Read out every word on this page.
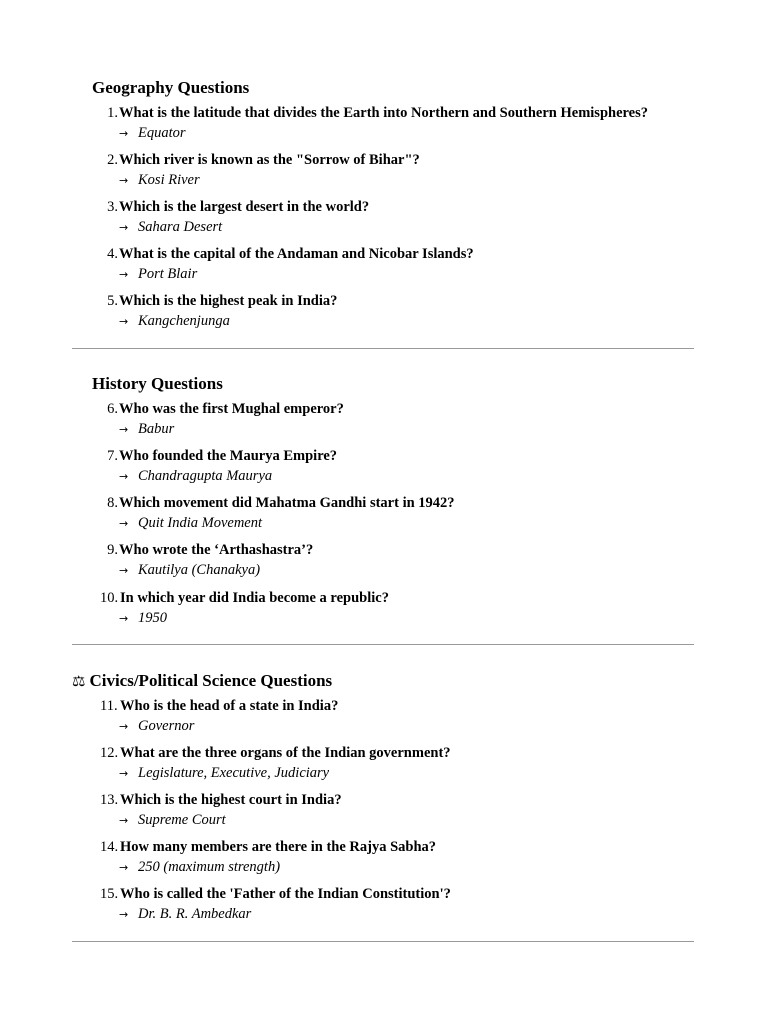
Geography Questions
1. What is the latitude that divides the Earth into Northern and Southern Hemispheres?
→ Equator
2. Which river is known as the "Sorrow of Bihar"?
→ Kosi River
3. Which is the largest desert in the world?
→ Sahara Desert
4. What is the capital of the Andaman and Nicobar Islands?
→ Port Blair
5. Which is the highest peak in India?
→ Kangchenjunga
History Questions
6. Who was the first Mughal emperor?
→ Babur
7. Who founded the Maurya Empire?
→ Chandragupta Maurya
8. Which movement did Mahatma Gandhi start in 1942?
→ Quit India Movement
9. Who wrote the ‘Arthashastra’?
→ Kautilya (Chanakya)
10. In which year did India become a republic?
→ 1950
⚖ Civics/Political Science Questions
11. Who is the head of a state in India?
→ Governor
12. What are the three organs of the Indian government?
→ Legislature, Executive, Judiciary
13. Which is the highest court in India?
→ Supreme Court
14. How many members are there in the Rajya Sabha?
→ 250 (maximum strength)
15. Who is called the 'Father of the Indian Constitution'?
→ Dr. B. R. Ambedkar
